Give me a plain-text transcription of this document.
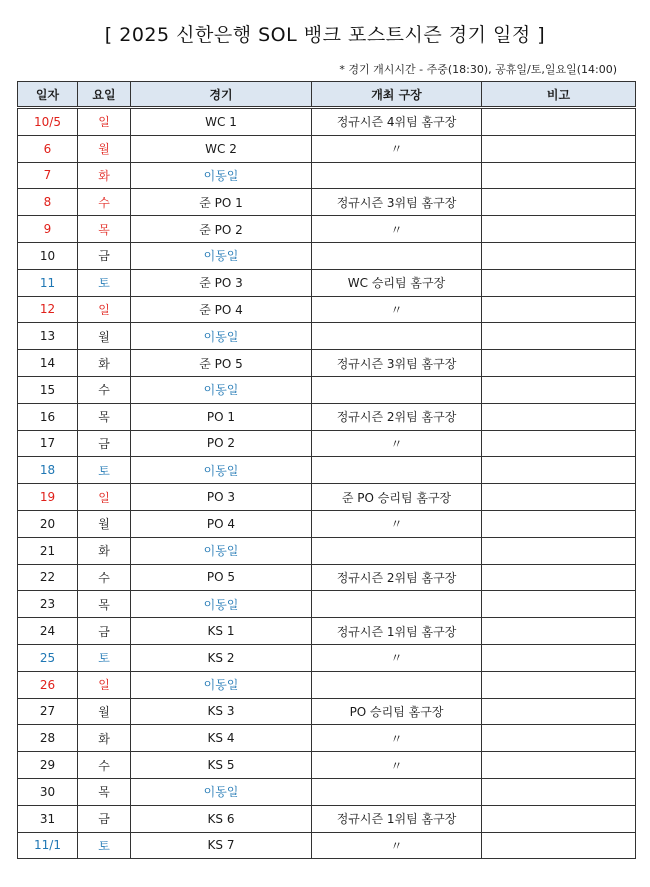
[ 2025 신한은행 SOL 뱅크 포스트시즌 경기 일정 ]
* 경기 개시시간 - 주중(18:30), 공휴일/토,일요일(14:00)
일자	요일	경기	개최 구장	비고
10/5	일	WC 1	정규시즌 4위팀 홈구장	
6	월	WC 2	〃	
7	화	이동일		
8	수	준 PO 1	정규시즌 3위팀 홈구장	
9	목	준 PO 2	〃	
10	금	이동일		
11	토	준 PO 3	WC 승리팀 홈구장	
12	일	준 PO 4	〃	
13	월	이동일		
14	화	준 PO 5	정규시즌 3위팀 홈구장	
15	수	이동일		
16	목	PO 1	정규시즌 2위팀 홈구장	
17	금	PO 2	〃	
18	토	이동일		
19	일	PO 3	준 PO 승리팀 홈구장	
20	월	PO 4	〃	
21	화	이동일		
22	수	PO 5	정규시즌 2위팀 홈구장	
23	목	이동일		
24	금	KS 1	정규시즌 1위팀 홈구장	
25	토	KS 2	〃	
26	일	이동일		
27	월	KS 3	PO 승리팀 홈구장	
28	화	KS 4	〃	
29	수	KS 5	〃	
30	목	이동일		
31	금	KS 6	정규시즌 1위팀 홈구장	
11/1	토	KS 7	〃	
